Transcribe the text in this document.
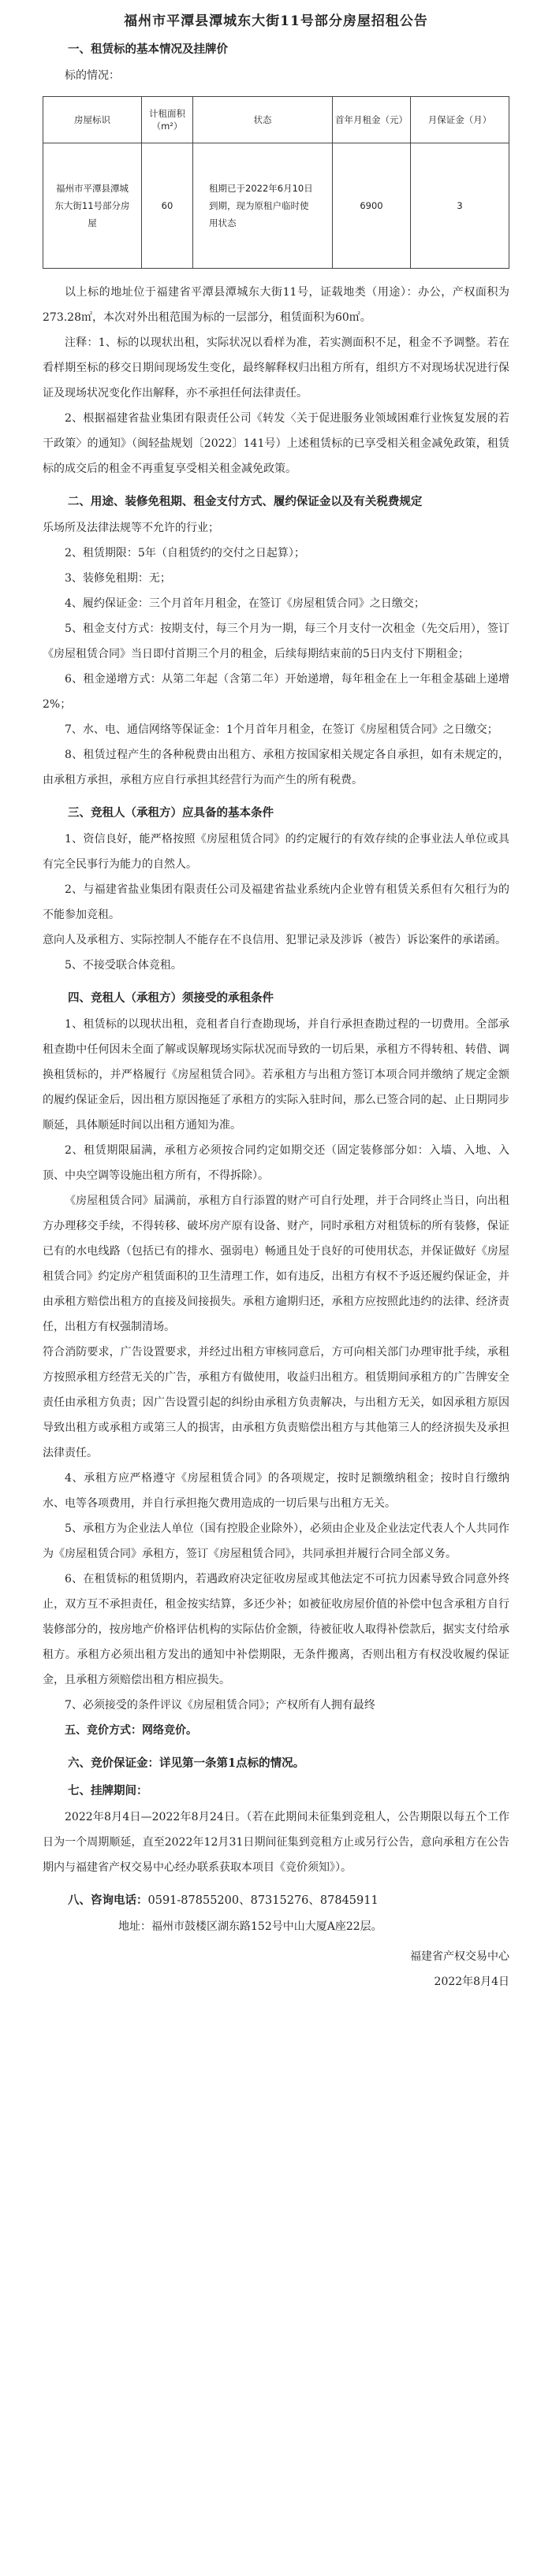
福州市平潭县潭城东大街11号部分房屋招租公告
一、租赁标的基本情况及挂牌价

标的情况：

房屋标识	计租面积（m²）	状态	首年月租金（元）	月保证金（月）
福州市平潭县潭城东大街11号部分房屋	60	租期已于2022年6月10日到期，现为原租户临时使用状态	6900	3

以上标的地址位于福建省平潭县潭城东大街11号，证载地类（用途）：办公，产权面积为273.28㎡，本次对外出租范围为标的一层部分，租赁面积为60㎡。

注释：1、标的以现状出租，实际状况以看样为准，若实测面积不足，租金不予调整。若在看样期至标的移交日期间现场发生变化，最终解释权归出租方所有，组织方不对现场状况进行保证及现场状况变化作出解释，亦不承担任何法律责任。

2、根据福建省盐业集团有限责任公司《转发〈关于促进服务业领域困难行业恢复发展的若干政策〉的通知》（闽轻盐规划〔2022〕141号）上述租赁标的已享受相关租金减免政策，租赁标的成交后的租金不再重复享受相关租金减免政策。

二、用途、装修免租期、租金支付方式、履约保证金以及有关税费规定

乐场所及法律法规等不允许的行业；

2、租赁期限：5年（自租赁约的交付之日起算）；

3、装修免租期：无；

4、履约保证金：三个月首年月租金，在签订《房屋租赁合同》之日缴交；

5、租金支付方式：按期支付，每三个月为一期，每三个月支付一次租金（先交后用），签订《房屋租赁合同》当日即付首期三个月的租金，后续每期结束前的5日内支付下期租金；

6、租金递增方式：从第二年起（含第二年）开始递增，每年租金在上一年租金基础上递增2%；

7、水、电、通信网络等保证金：1个月首年月租金，在签订《房屋租赁合同》之日缴交；

8、租赁过程产生的各种税费由出租方、承租方按国家相关规定各自承担，如有未规定的，由承租方承担，承租方应自行承担其经营行为而产生的所有税费。

三、竞租人（承租方）应具备的基本条件

1、资信良好，能严格按照《房屋租赁合同》的约定履行的有效存续的企事业法人单位或具有完全民事行为能力的自然人。

2、与福建省盐业集团有限责任公司及福建省盐业系统内企业曾有租赁关系但有欠租行为的不能参加竞租。

意向人及承租方、实际控制人不能存在不良信用、犯罪记录及涉诉（被告）诉讼案件的承诺函。

5、不接受联合体竞租。

四、竞租人（承租方）须接受的承租条件

1、租赁标的以现状出租，竞租者自行查勘现场，并自行承担查勘过程的一切费用。全部承租查勘中任何因未全面了解或误解现场实际状况而导致的一切后果，承租方不得转租、转借、调换租赁标的，并严格履行《房屋租赁合同》。若承租方与出租方签订本项合同并缴纳了规定金额的履约保证金后，因出租方原因拖延了承租方的实际入驻时间，那么已签合同的起、止日期同步顺延，具体顺延时间以出租方通知为准。

2、租赁期限届满，承租方必须按合同约定如期交还（固定装修部分如：入墙、入地、入顶、中央空调等设施出租方所有，不得拆除）。

《房屋租赁合同》届满前，承租方自行添置的财产可自行处理，并于合同终止当日，向出租方办理移交手续，不得转移、破坏房产原有设备、财产，同时承租方对租赁标的所有装修，保证已有的水电线路（包括已有的排水、强弱电）畅通且处于良好的可使用状态，并保证做好《房屋租赁合同》约定房产租赁面积的卫生清理工作，如有违反，出租方有权不予返还履约保证金，并由承租方赔偿出租方的直接及间接损失。承租方逾期归还，承租方应按照此违约的法律、经济责任，出租方有权强制清场。

符合消防要求，广告设置要求，并经过出租方审核同意后，方可向相关部门办理审批手续，承租方按照承租方经营无关的广告，承租方有做使用，收益归出租方。租赁期间承租方的广告牌安全责任由承租方负责；因广告设置引起的纠纷由承租方负责解决，与出租方无关，如因承租方原因导致出租方或承租方或第三人的损害，由承租方负责赔偿出租方与其他第三人的经济损失及承担法律责任。

4、承租方应严格遵守《房屋租赁合同》的各项规定，按时足额缴纳租金；按时自行缴纳水、电等各项费用，并自行承担拖欠费用造成的一切后果与出租方无关。

5、承租方为企业法人单位（国有控股企业除外），必须由企业及企业法定代表人个人共同作为《房屋租赁合同》承租方，签订《房屋租赁合同》，共同承担并履行合同全部义务。

6、在租赁标的租赁期内，若遇政府决定征收房屋或其他法定不可抗力因素导致合同意外终止，双方互不承担责任，租金按实结算，多还少补；如被征收房屋价值的补偿中包含承租方自行装修部分的，按房地产价格评估机构的实际估价金额，待被征收人取得补偿款后，据实支付给承租方。承租方必须出租方发出的通知中补偿期限，无条件搬离，否则出租方有权没收履约保证金，且承租方须赔偿出租方相应损失。

7、必须接受的条件评议《房屋租赁合同》；产权所有人拥有最终

五、竞价方式：网络竞价。

六、竞价保证金：详见第一条第1点标的情况。
七、挂牌期间：

2022年8月4日—2022年8月24日。（若在此期间未征集到竞租人，公告期限以每五个工作日为一个周期顺延，直至2022年12月31日期间征集到竞租方止或另行公告，意向承租方在公告期内与福建省产权交易中心经办联系获取本项目《竞价须知》）。

八、咨询电话：0591-87855200、87315276、87845911

地址：福州市鼓楼区湖东路152号中山大厦A座22层。

福建省产权交易中心

2022年8月4日
